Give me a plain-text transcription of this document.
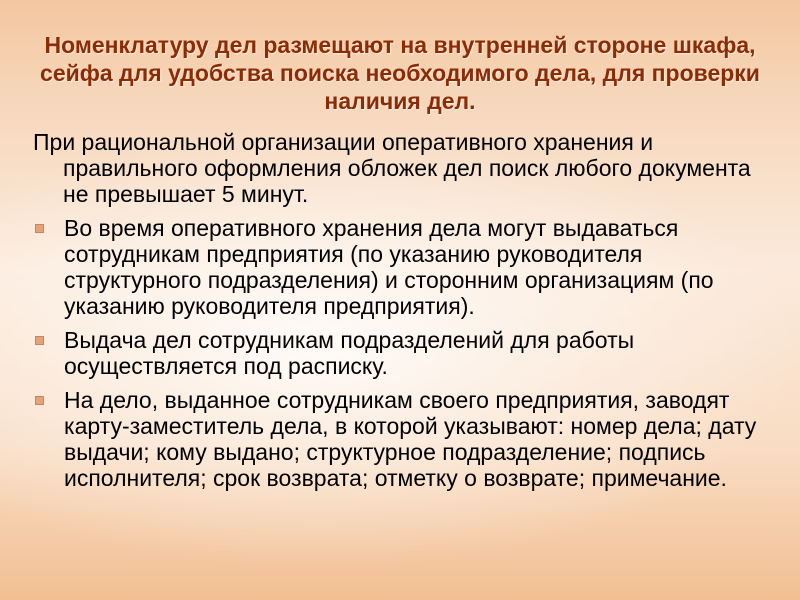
Номенклатуру дел размещают на внутренней стороне шкафа, сейфа для удобства поиска необходимого дела, для проверки наличия дел.

При рациональной организации оперативного хранения и правильного оформления обложек дел поиск любого документа не превышает 5 минут.

Во время оперативного хранения дела могут выдаваться сотрудникам предприятия (по указанию руководителя структурного подразделения) и сторонним организациям (по указанию руководителя предприятия).
Выдача дел сотрудникам подразделений для работы осуществляется под расписку.
На дело, выданное сотрудникам своего предприятия, заводят карту-заместитель дела, в которой указывают: номер дела; дату выдачи; кому выдано; структурное подразделение; подпись исполнителя; срок возврата; отметку о возврате; примечание.
